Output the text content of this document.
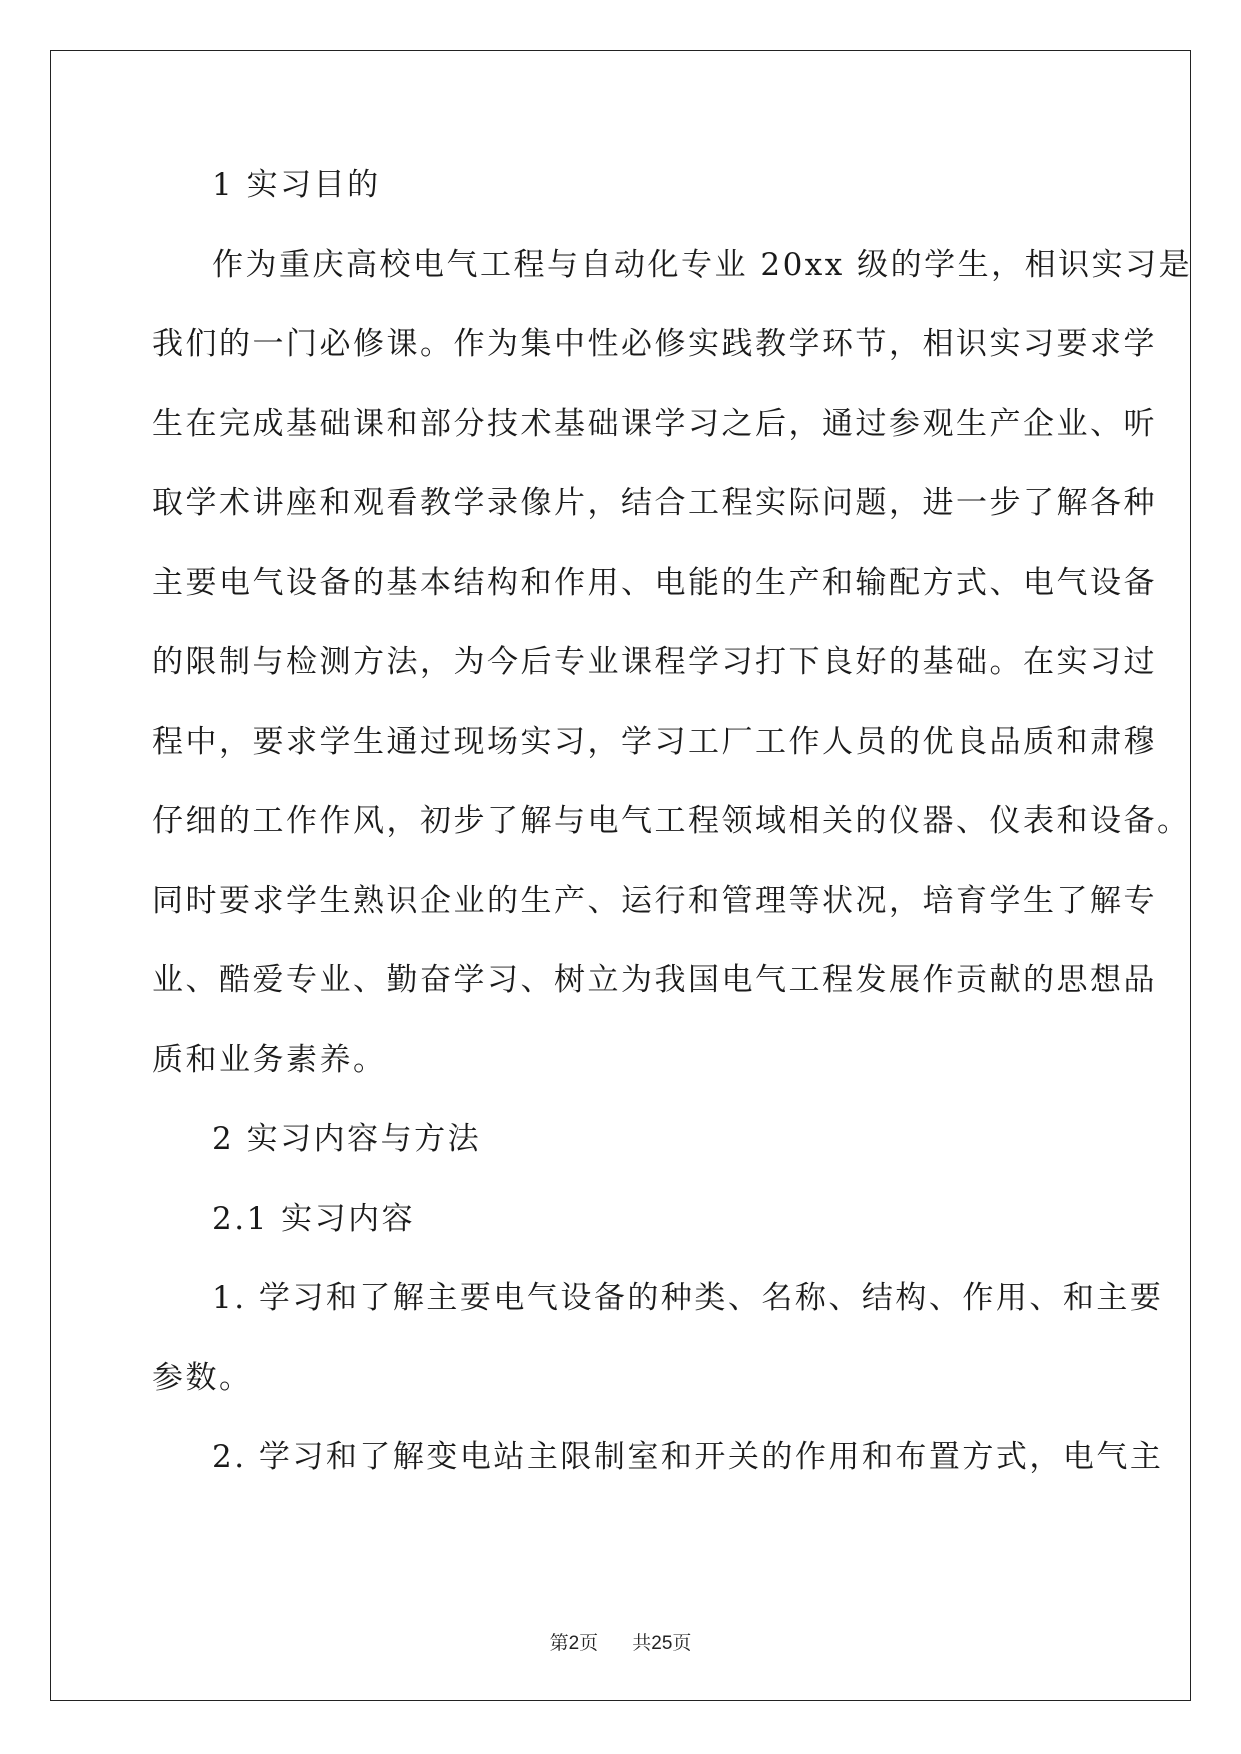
1 实习目的
作为重庆高校电气工程与自动化专业 20xx 级的学生，相识实习是
我们的一门必修课。作为集中性必修实践教学环节，相识实习要求学
生在完成基础课和部分技术基础课学习之后，通过参观生产企业、听
取学术讲座和观看教学录像片，结合工程实际问题，进一步了解各种
主要电气设备的基本结构和作用、电能的生产和输配方式、电气设备
的限制与检测方法，为今后专业课程学习打下良好的基础。在实习过
程中，要求学生通过现场实习，学习工厂工作人员的优良品质和肃穆
仔细的工作作风，初步了解与电气工程领域相关的仪器、仪表和设备。
同时要求学生熟识企业的生产、运行和管理等状况，培育学生了解专
业、酷爱专业、勤奋学习、树立为我国电气工程发展作贡献的思想品
质和业务素养。
2 实习内容与方法
2.1 实习内容
1. 学习和了解主要电气设备的种类、名称、结构、作用、和主要
参数。
2. 学习和了解变电站主限制室和开关的作用和布置方式，电气主
第2页 共25页
